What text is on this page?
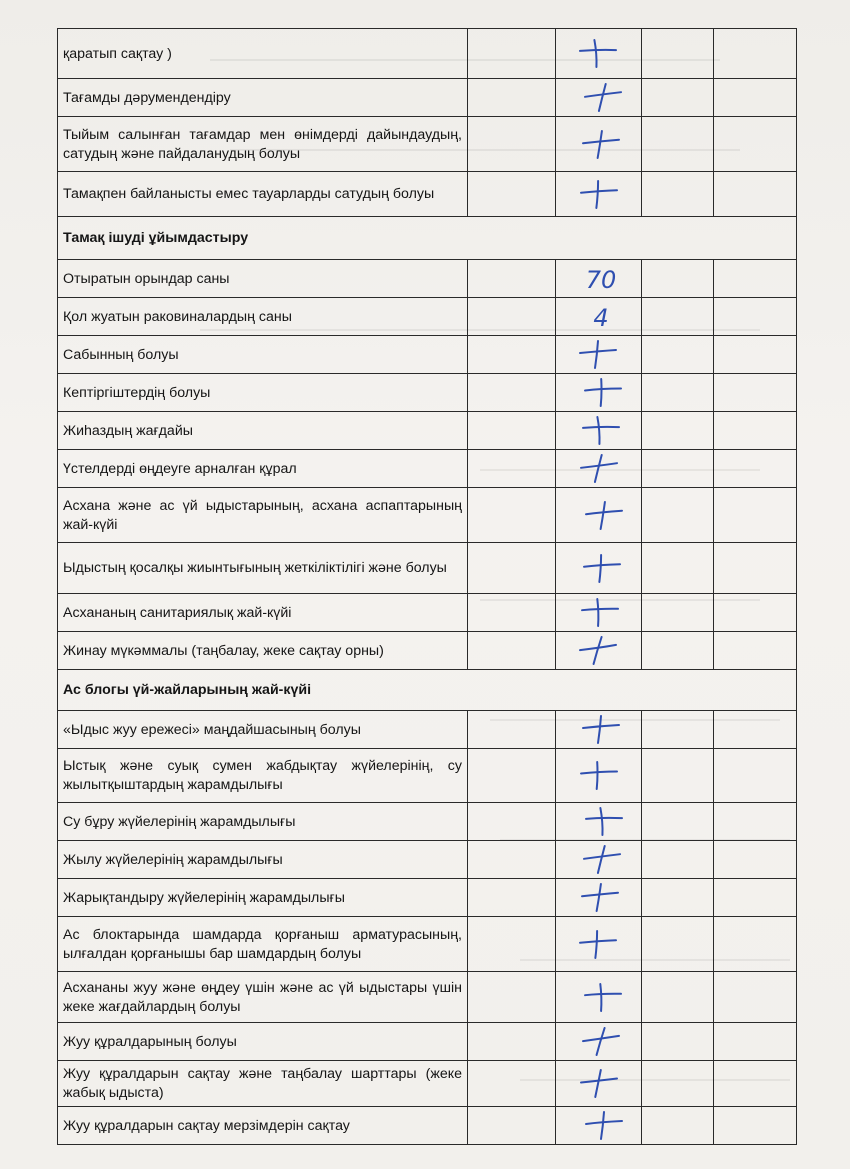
қаратып сақтау )		

Тағамды дәрумендендіру		

Тыйым салынған тағамдар мен өнімдерді дайындаудың, сатудың және пайдаланудың болуы		

Тамақпен байланысты емес тауарларды сатудың болуы		

Тамақ ішуді ұйымдастыру				
Отыратын орындар саны		70		

Қол жуатын раковиналардың саны		4		

Сабынның болуы		

Кептіргіштердің болуы		

Жиһаздың жағдайы		

Үстелдерді өңдеуге арналған құрал		

Асхана және ас үй ыдыстарының, асхана аспаптарының жай-күйі		

Ыдыстың қосалқы жиынтығының жеткіліктілігі және болуы		

Асхананың санитариялық жай-күйі		

Жинау мүкәммалы (таңбалау, жеке сақтау орны)		

Ас блогы үй-жайларының жай-күйі				
«Ыдыс жуу ережесі» маңдайшасының болуы		

Ыстық және суық сумен жабдықтау жүйелерінің, су жылытқыштардың жарамдылығы		

Су бұру жүйелерінің жарамдылығы		

Жылу жүйелерінің жарамдылығы		

Жарықтандыру жүйелерінің жарамдылығы		

Ас блоктарында шамдарда қорғаныш арматурасының, ылғалдан қорғанышы бар шамдардың болуы		

Асхананы жуу және өңдеу үшін және ас үй ыдыстары үшін жеке жағдайлардың болуы		

Жуу құралдарының болуы		

Жуу құралдарын сақтау және таңбалау шарттары (жеке жабық ыдыста)		

Жуу құралдарын сақтау мерзімдерін сақтау		
